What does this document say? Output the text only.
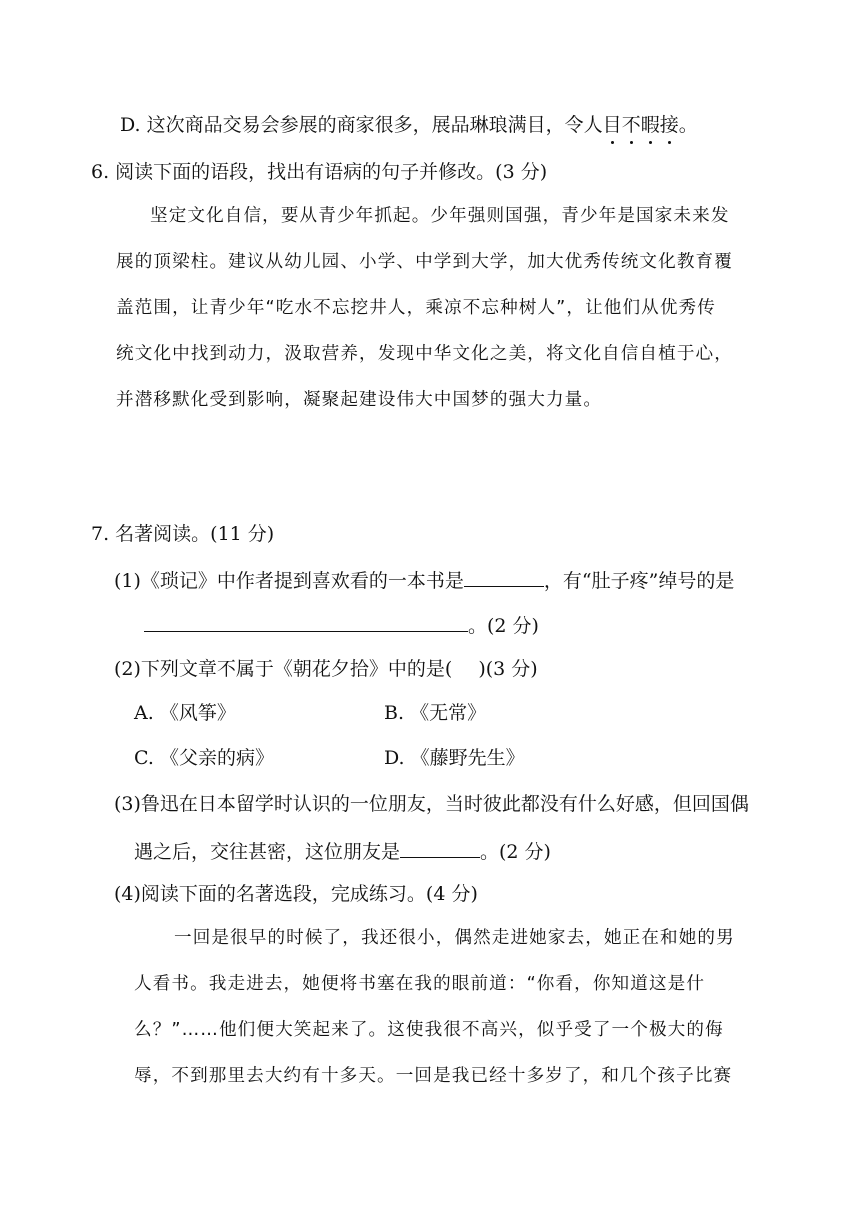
D. 这次商品交易会参展的商家很多，展品琳琅满目，令人目不暇接。
6. 阅读下面的语段，找出有语病的句子并修改。(3 分)
坚定文化自信，要从青少年抓起。少年强则国强，青少年是国家未来发
展的顶梁柱。建议从幼儿园、小学、中学到大学，加大优秀传统文化教育覆
盖范围，让青少年“吃水不忘挖井人，乘凉不忘种树人”，让他们从优秀传
统文化中找到动力，汲取营养，发现中华文化之美，将文化自信自植于心，
并潜移默化受到影响，凝聚起建设伟大中国梦的强大力量。
7. 名著阅读。(11 分)
(1)《琐记》中作者提到喜欢看的一本书是	，有“肚子疼”绰号的是
。(2 分)
(2)下列文章不属于《朝花夕拾》中的是( )(3 分)
A. 《风筝》	B. 《无常》
C. 《父亲的病》	D. 《藤野先生》
(3)鲁迅在日本留学时认识的一位朋友，当时彼此都没有什么好感，但回国偶
遇之后，交往甚密，这位朋友是	。(2 分)
(4)阅读下面的名著选段，完成练习。(4 分)
一回是很早的时候了，我还很小，偶然走进她家去，她正在和她的男
人看书。我走进去，她便将书塞在我的眼前道：“你看，你知道这是什
么？”……他们便大笑起来了。这使我很不高兴，似乎受了一个极大的侮
辱，不到那里去大约有十多天。一回是我已经十多岁了，和几个孩子比赛
